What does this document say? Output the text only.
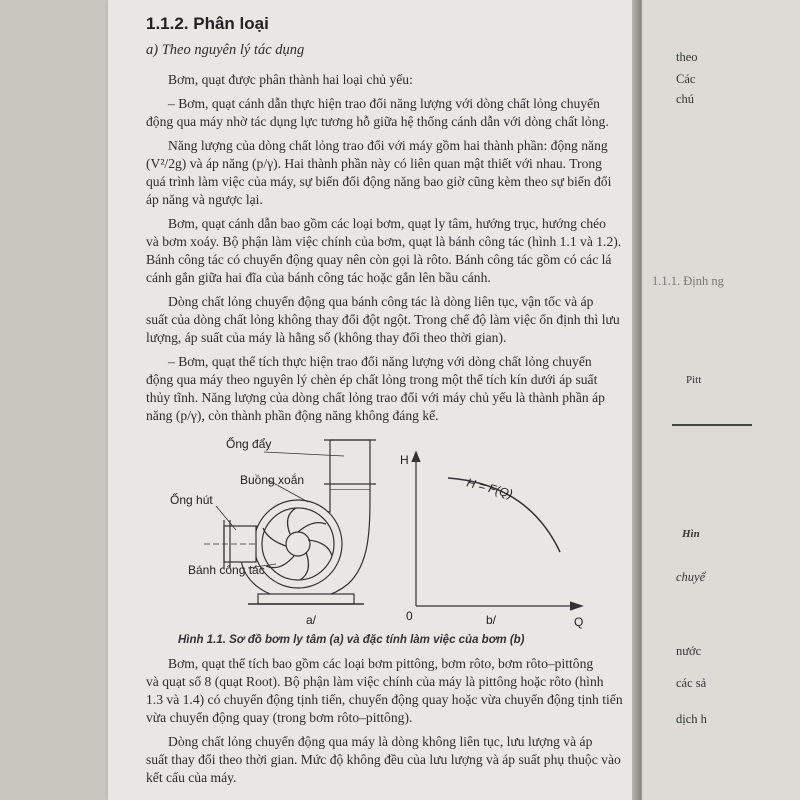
1.1.2. Phân loại
a) Theo nguyên lý tác dụng
Bơm, quạt được phân thành hai loại chủ yếu:
– Bơm, quạt cánh dẫn thực hiện trao đổi năng lượng với dòng chất lỏng chuyển
động qua máy nhờ tác dụng lực tương hỗ giữa hệ thống cánh dẫn với dòng chất lỏng.
Năng lượng của dòng chất lỏng trao đổi với máy gồm hai thành phần: động năng
(V²/2g) và áp năng (p/γ). Hai thành phần này có liên quan mật thiết với nhau. Trong
quá trình làm việc của máy, sự biến đổi động năng bao giờ cũng kèm theo sự biến đổi
áp năng và ngược lại.
Bơm, quạt cánh dẫn bao gồm các loại bơm, quạt ly tâm, hướng trục, hướng chéo
và bơm xoáy. Bộ phận làm việc chính của bơm, quạt là bánh công tác (hình 1.1 và 1.2).
Bánh công tác có chuyển động quay nên còn gọi là rôto. Bánh công tác gồm có các lá
cánh gắn giữa hai đĩa của bánh công tác hoặc gắn lên bầu cánh.
Dòng chất lỏng chuyển động qua bánh công tác là dòng liên tục, vận tốc và áp
suất của dòng chất lỏng không thay đổi đột ngột. Trong chế độ làm việc ổn định thì lưu
lượng, áp suất của máy là hằng số (không thay đổi theo thời gian).
– Bơm, quạt thể tích thực hiện trao đổi năng lượng với dòng chất lỏng chuyển
động qua máy theo nguyên lý chèn ép chất lỏng trong một thể tích kín dưới áp suất
thủy tĩnh. Năng lượng của dòng chất lỏng trao đổi với máy chủ yếu là thành phần áp
năng (p/γ), còn thành phần động năng không đáng kể.
Ống đẩy
Buồng xoắn
Ống hút
Bánh công tác
a/
H
Q
0
H = F(Q)
b/
Hình 1.1. Sơ đồ bơm ly tâm (a) và đặc tính làm việc của bơm (b)
Bơm, quạt thể tích bao gồm các loại bơm pittông, bơm rôto, bơm rôto–pittông
và quạt số 8 (quạt Root). Bộ phận làm việc chính của máy là pittông hoặc rôto (hình
1.3 và 1.4) có chuyển động tịnh tiến, chuyển động quay hoặc vừa chuyển động tịnh tiến
vừa chuyển động quay (trong bơm rôto–pittông).
Dòng chất lỏng chuyển động qua máy là dòng không liên tục, lưu lượng và áp
suất thay đổi theo thời gian. Mức độ không đều của lưu lượng và áp suất phụ thuộc vào
kết cấu của máy.
theo
Các
chú
1.1.1. Định ng
Pitt
Hìn
chuyể
nước
các sả
dịch h
